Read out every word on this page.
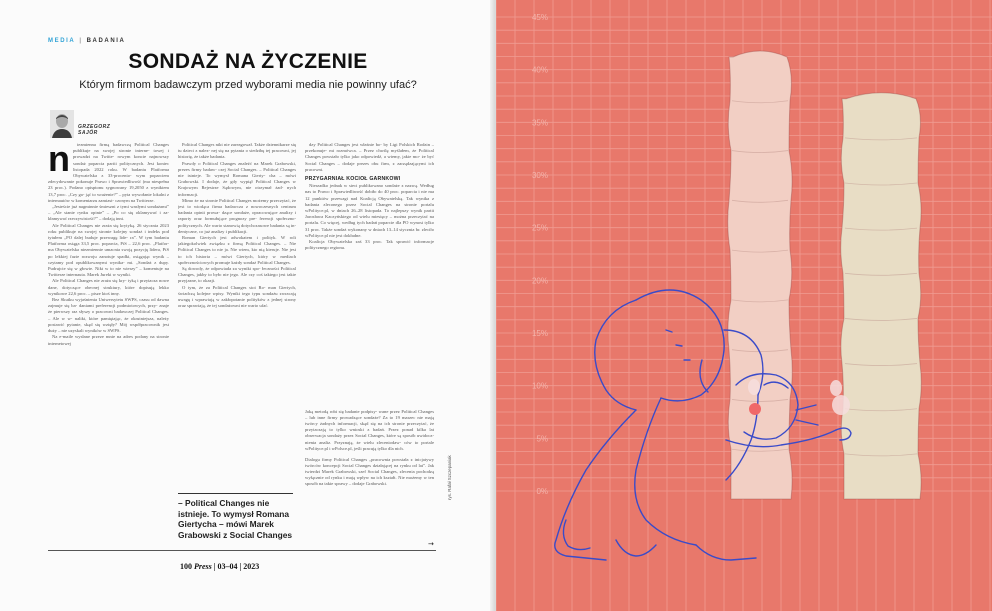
MEDIA | BADANIA
SONDAŻ NA ŻYCZENIE
Którym firmom badawczym przed wyborami media nie powinny ufać?
GRZEGORZ
SAJÓR
n	iezmienna firmą badawczą Political Changes publikuje na swojej stronie interne- towej i prowadzi na Twitte- rowym koncie najnowszy sondaż poparcia partii politycznych. Jest koniec listopada 2022 roku. W badaniu Platforma Obywatelska z 33-procento- wym poparciem zdecydowanie pokonuje Prawo i Sprawiedliwość (ma niespełna 23 proc.). Podano opisptonu sygnowany 19,2050 z wynikiem 13,7 proc. „Czy ga- jąć to wrażenie?” – pyta wywołanie lokalni z internautów w komentarzu zamiast- czonym na Twitterze.

„Jesteście już nagminnie śmieszni z tymi wasłymi sondażami” – „Ale stanie rynku opinie” – „Po co się oklamywać i za- kłamywać rzeczywistość?” – dodają inni.

Ale Political Changes nie zraża się krytyką. 26 stycznia 2023 roku publikuje na swojej stronie kolejny sondaż i indeks pod tytułem „PO dalej buduje przewagę lide- ra”. W tym badaniu Platforma osiąga 33,5 proc. poparcia, PiS – 22,6 proc. „Platfor- ma Obywatelska niezmiennie umacnia swoją pozycję lidera, PiS po lekkiej fazie rozwoju zanotuje spadki, osiągając wynik – czytamy pod opublikowanymi wynika- mi. „Sondaż z dupy. Pudrujcie się w głowie. Nikt w to nie wierzy” – komentuje na Twitterze internauta. Marek Jureki w wyniki.

Ale Political Changes nie zraża się kry- tyką i przytacza nowe dane, dotyczące obecnej struktury, które dopisują lekko wynikowe 22,6 proc. – pisze ktoś inny.

Bez Skutku wyjaśnienia Uniwersytetu SWPS, czasu od dawna zajmuje się ba- daniami preferencji podmiotowych, przy- znaje że pierwszy raz słyszy o pracowni badawczej Political Changes. – Ale w w- naliki, które pamiętając, że okrutniejsza, należy postawić pytanie, skąd się wzięły? Mój współpracownik jest duży – nie uzyskali wyników w SWPS.

Na e-maile wysłane przeze mnie na adres podany na stronie internetowej

Political Changes nikt nie zareagował. Także dziennikarze się tu dzieci z nalez- nej się na pytania o siedzibę tej pracowni, jej historię, że także badania.

Prawdy o Political Changes znaleźć na Marek Grabowski, prezes firmy badaw- czej Social Changes. – Political Changes nie istnieje. To wymysł Romana Gierty- cha – mówi Grabowski. I dodaje, że gdy wypiął Political Changes w Krajowym Rejestrze Sądowym, nie otrzymał żad- nych informacji.

Mimo że na stronie Political Changes możemy przeczytać, że jest to wiodąca firma badawcza z nowoczesnych centrum badania opinii prowa- dzące sondaże, opracowujące analizy i raporty oraz formułujące prognozy pre- ferencji społeczno-politycznych. Ale warto stanowią dotychczasowe badania są in- dentyczne, co już analizy i publikacji.

Roman Giertych jest adwokatem i polityk. W roli jakiegokolwiek związku z firmą Political Changes. – Nie Political Changes to nie ja. Nie wiem, kto nią kieruje. Nie jest to ich historia – mówi Giertych, który w mediach społecznościowych promuje każdy sondaż Political Changes.

Są dowody, że odpowiada za wyniki spo- łeczności Political Changes, jakby to było nie jego. Ale czy coś takiego jest takie przyjazne, to okazji.

O tym, że za Political Changes stoi Ro- man Giertych, świadczą kolejne wpisy. Wyniki tego typu sondażu zwracają uwagę i wprawiają w zakłopotanie polityków z jednej strony oraz sprawiają, że tej sondażowni nie warto ufać.

– Political Changes nie istnieje. To wymysł Romana Giertycha – mówi Marek Grabowski z Social Changes

dzy Political Changes jest właśnie bo- by Ligi Polskich Rodzin – przekonuje- mi rozmówca. – Przez chwilę myślałem, że Political Changes powstało tylko jako odpowiedź, a wiemy, jakie mo- że być Social Changes – dodaje prezes obu firm, z zarządzającymi ich pracowni.

PRZYGARNIAŁ KOCIOŁ GARNKOWI

Nierzadko jednak w sieci publikowano sondaże z nazwą. Według nas to Prawo i Sprawiedliwość dobiło do 40 proc. poparcia i nie ma 12 punktów przewagi nad Koalicją Obywatelską. Tak wynika z badania zleconego przez Social Changes na stronie portalu wPolityce.pl, w dniach 26–28 listopada. To najlepszy wynik partii Jarosława Kaczyńskiego od wielu miesięcy – można przeczytać na portalu. Co więcej, według tych badań poparcie dla PO wynosi tylko 31 proc. Także sondaż wykonany w dniach 13–14 stycznia br. zleciło wPolityce.pl nie jest dokładne.

Koalicja Obywatelska zaś 33 proc. Tak sprawić informacje politycznego regionu.

Jaką metodą robi się badanie podpisy- wane przez Political Changes – lub inne firmy prowadzące sondaże? Za to 19 marzec nie mają twórcy żadnych informacji, skąd się na ich stronie przeczytać, że przytaczają to tylko wnioski z badań. Przez ponad kilka lat obserwacja sondaży przez Social Changes, które są sposób uwidocz- nienia analiz. Przyznają, że wielu zleceniodaw- ców to portale wPolityce.pl i wPolsce.pl, jeśli pracują tylko dla nich.

Dialogu firmy Political Changes „pracownia powstała z inicjatywy twórców koncepcji Social Changes działającej na rynku od lat”. Jak twierdzi Marek Grabowski, szef Social Changes, zlecenia pochodzą wyłącznie od rynku i mają wpływ na ich kształt. Nie możemy w ten sposób na takie sprawy – dodaje Grabowski.

→
100 Press | 03–04 | 2023
rys. Rafał Szczepaniak	0%
5%
10%
15%
20%
25%
30%
35%
40%
45%
